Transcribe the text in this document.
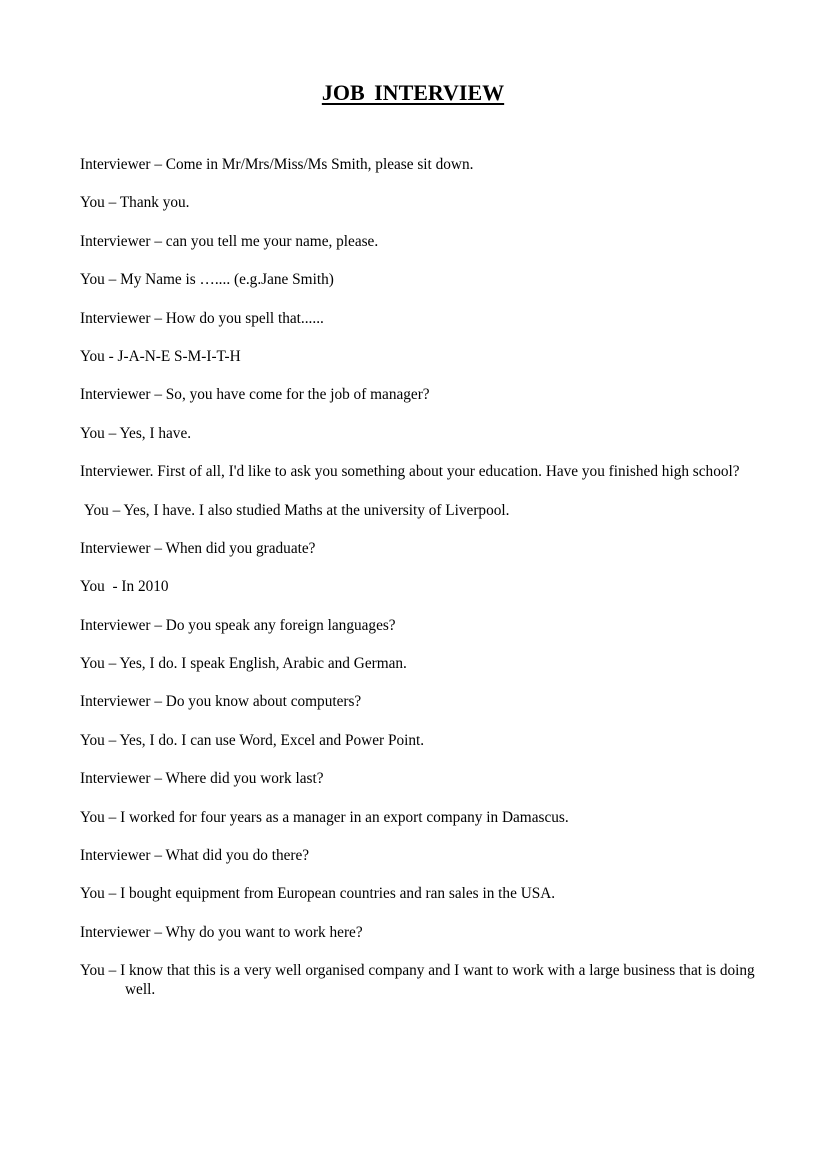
JOB INTERVIEW

Interviewer – Come in Mr/Mrs/Miss/Ms Smith, please sit down.

You – Thank you.

Interviewer – can you tell me your name, please.

You – My Name is ….... (e.g.Jane Smith)

Interviewer – How do you spell that......

You - J-A-N-E S-M-I-T-H

Interviewer – So, you have come for the job of manager?

You – Yes, I have.

Interviewer. First of all, I'd like to ask you something about your education. Have you finished high school?

You – Yes, I have. I also studied Maths at the university of Liverpool.

Interviewer – When did you graduate?

You  - In 2010

Interviewer – Do you speak any foreign languages?

You – Yes, I do. I speak English, Arabic and German.

Interviewer – Do you know about computers?

You – Yes, I do. I can use Word, Excel and Power Point.

Interviewer – Where did you work last?

You – I worked for four years as a manager in an export company in Damascus.

Interviewer – What did you do there?

You – I bought equipment from European countries and ran sales in the USA.

Interviewer – Why do you want to work here?

You – I know that this is a very well organised company and I want to work with a large business that is doing well.
